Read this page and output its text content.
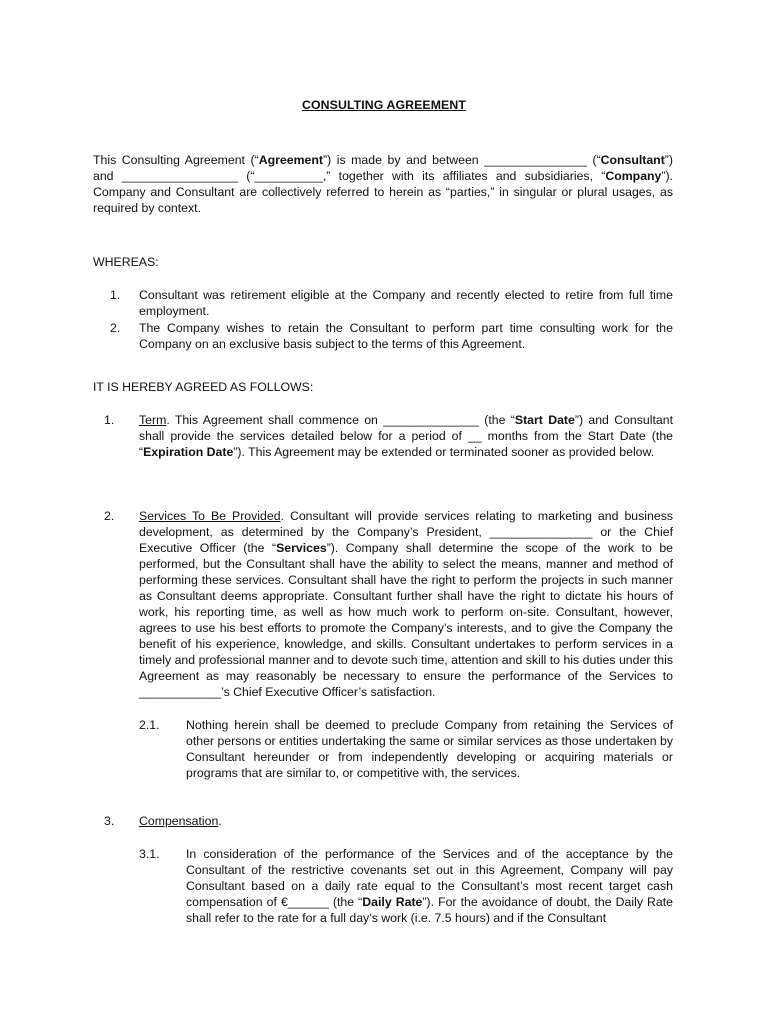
CONSULTING AGREEMENT
This Consulting Agreement (“Agreement”) is made by and between _______________ (“Consultant”) and _________________ (“__________,” together with its affiliates and subsidiaries, “Company”). Company and Consultant are collectively referred to herein as “parties,” in singular or plural usages, as required by context.
WHEREAS:
1.	Consultant was retirement eligible at the Company and recently elected to retire from full time employment.
2.	The Company wishes to retain the Consultant to perform part time consulting work for the Company on an exclusive basis subject to the terms of this Agreement.
IT IS HEREBY AGREED AS FOLLOWS:
1.	Term. This Agreement shall commence on ______________ (the “Start Date”) and Consultant shall provide the services detailed below for a period of __ months from the Start Date (the “Expiration Date”). This Agreement may be extended or terminated sooner as provided below.
2.	Services To Be Provided. Consultant will provide services relating to marketing and business development, as determined by the Company’s President, _______________ or the Chief Executive Officer (the “Services”). Company shall determine the scope of the work to be performed, but the Consultant shall have the ability to select the means, manner and method of performing these services. Consultant shall have the right to perform the projects in such manner as Consultant deems appropriate. Consultant further shall have the right to dictate his hours of work, his reporting time, as well as how much work to perform on-site. Consultant, however, agrees to use his best efforts to promote the Company’s interests, and to give the Company the benefit of his experience, knowledge, and skills. Consultant undertakes to perform services in a timely and professional manner and to devote such time, attention and skill to his duties under this Agreement as may reasonably be necessary to ensure the performance of the Services to ____________’s Chief Executive Officer’s satisfaction.
2.1.	Nothing herein shall be deemed to preclude Company from retaining the Services of other persons or entities undertaking the same or similar services as those undertaken by Consultant hereunder or from independently developing or acquiring materials or programs that are similar to, or competitive with, the services.
3.	Compensation.
3.1.	In consideration of the performance of the Services and of the acceptance by the Consultant of the restrictive covenants set out in this Agreement, Company will pay Consultant based on a daily rate equal to the Consultant’s most recent target cash compensation of €______ (the “Daily Rate”). For the avoidance of doubt, the Daily Rate shall refer to the rate for a full day’s work (i.e. 7.5 hours) and if the Consultant
